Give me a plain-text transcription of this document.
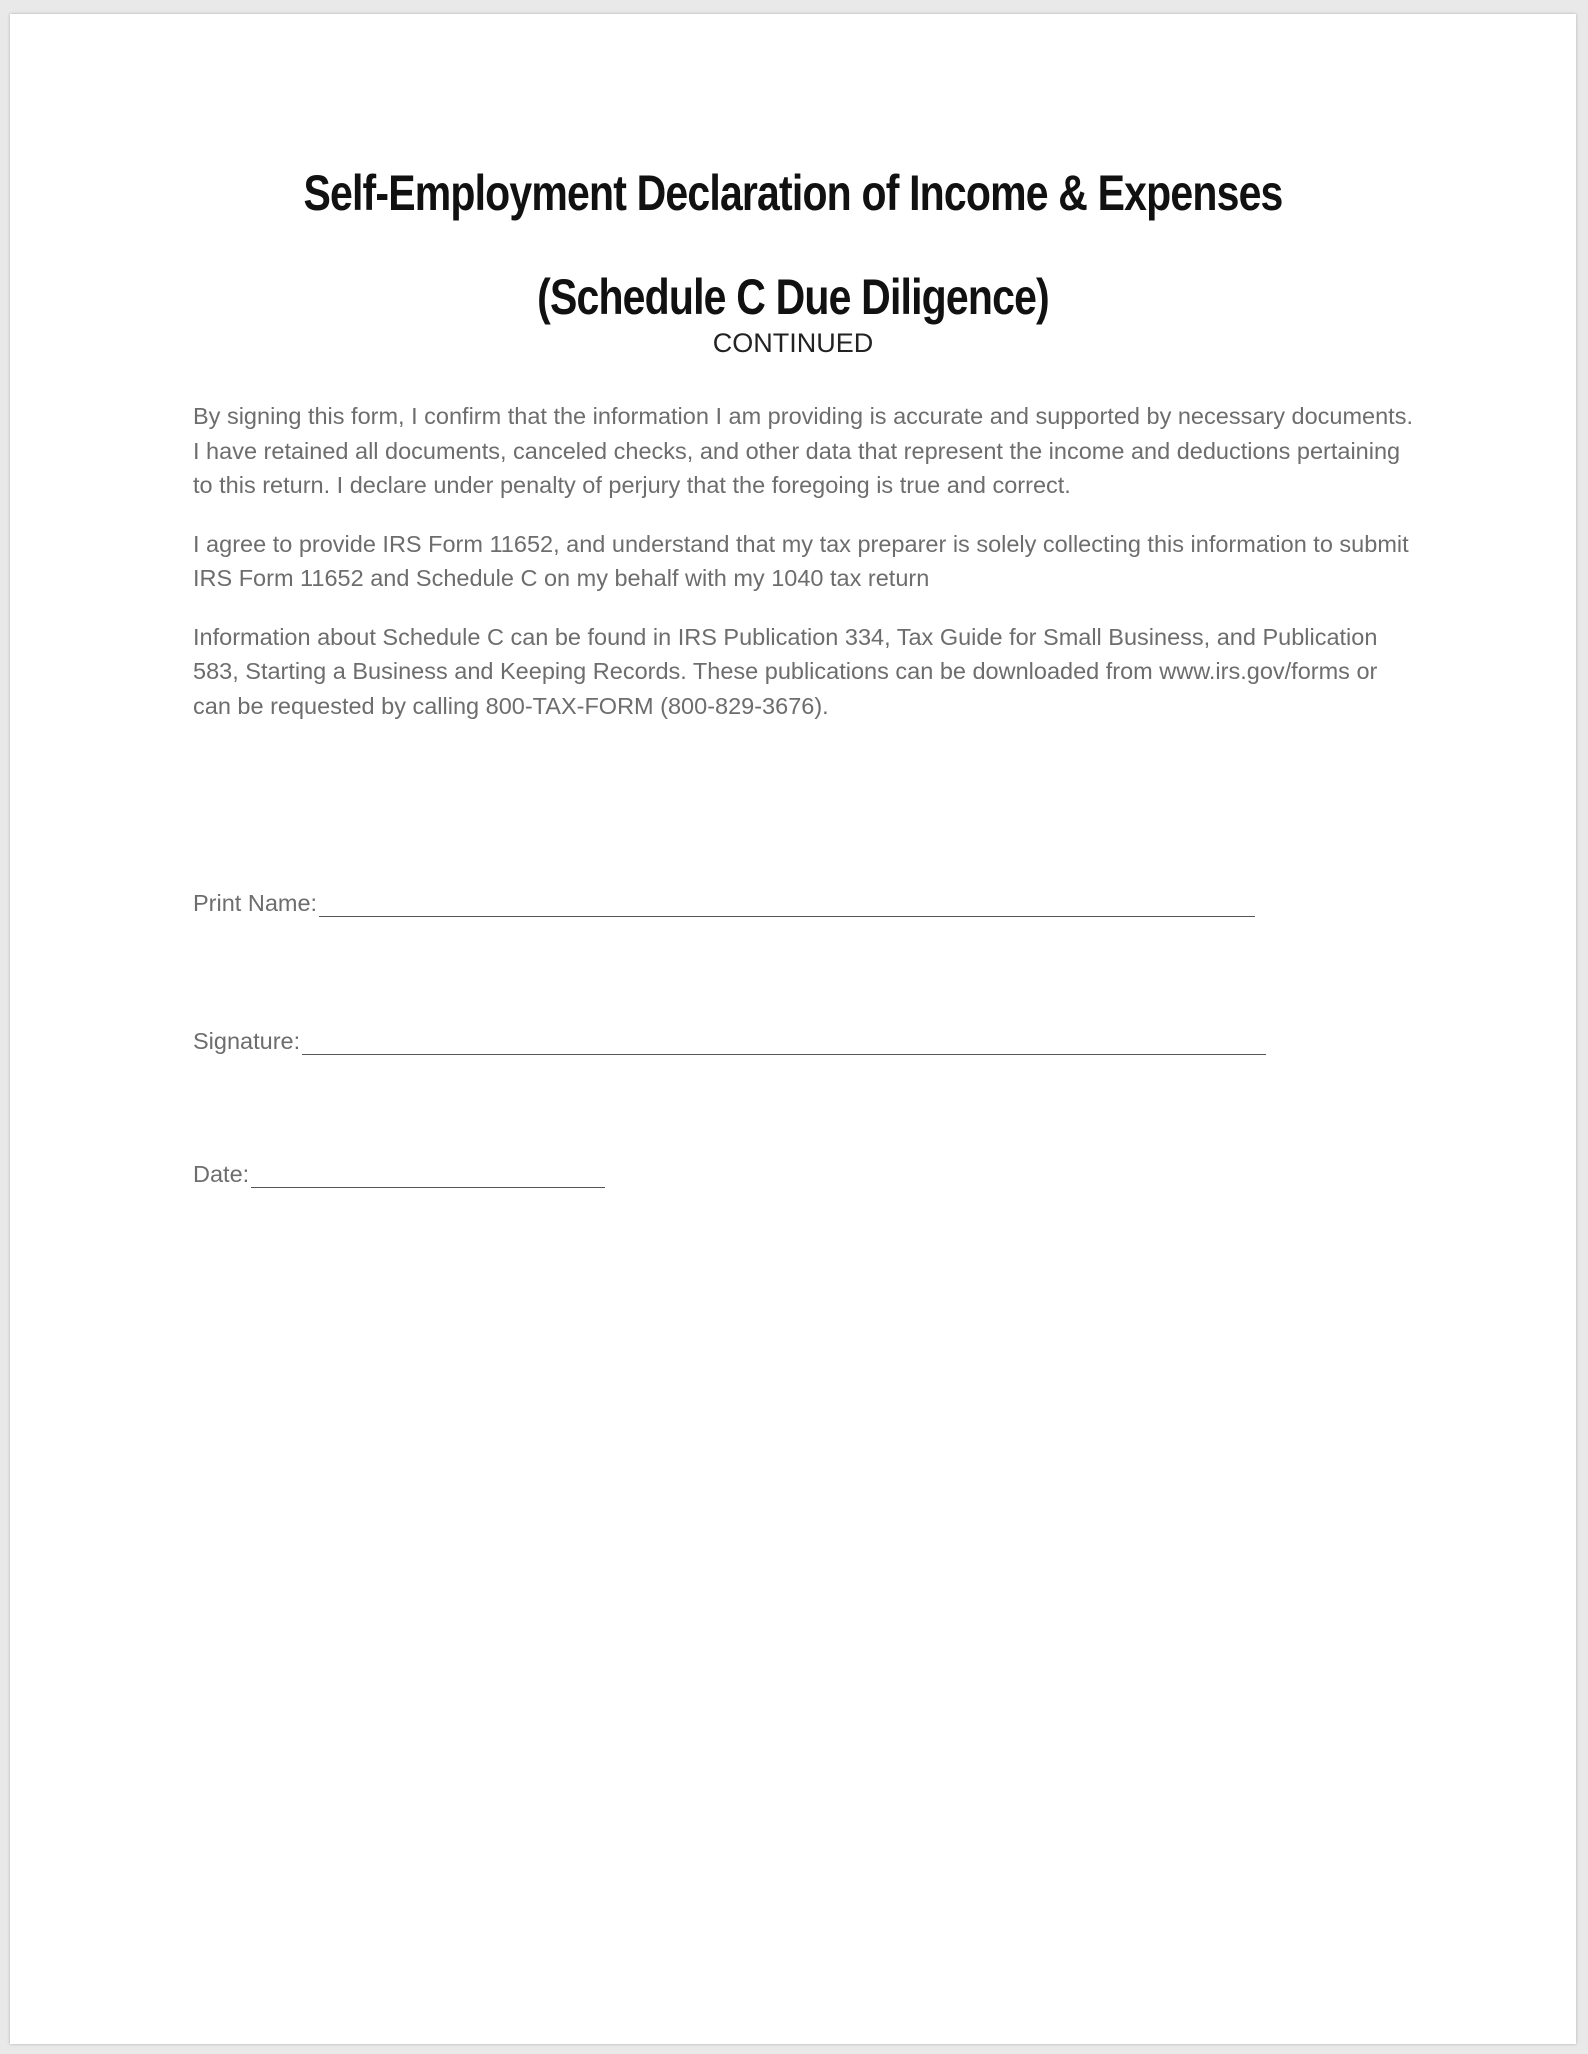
Self-Employment Declaration of Income & Expenses
(Schedule C Due Diligence)
CONTINUED

By signing this form, I confirm that the information I am providing is accurate and supported by necessary documents. I have retained all documents, canceled checks, and other data that represent the income and deductions pertaining to this return. I declare under penalty of perjury that the foregoing is true and correct.

I agree to provide IRS Form 11652, and understand that my tax preparer is solely collecting this information to submit IRS Form 11652 and Schedule C on my behalf with my 1040 tax return

Information about Schedule C can be found in IRS Publication 334, Tax Guide for Small Business, and Publication 583, Starting a Business and Keeping Records. These publications can be downloaded from www.irs.gov/forms or can be requested by calling 800-TAX-FORM (800-829-3676).

Print Name:
Signature:
Date:
